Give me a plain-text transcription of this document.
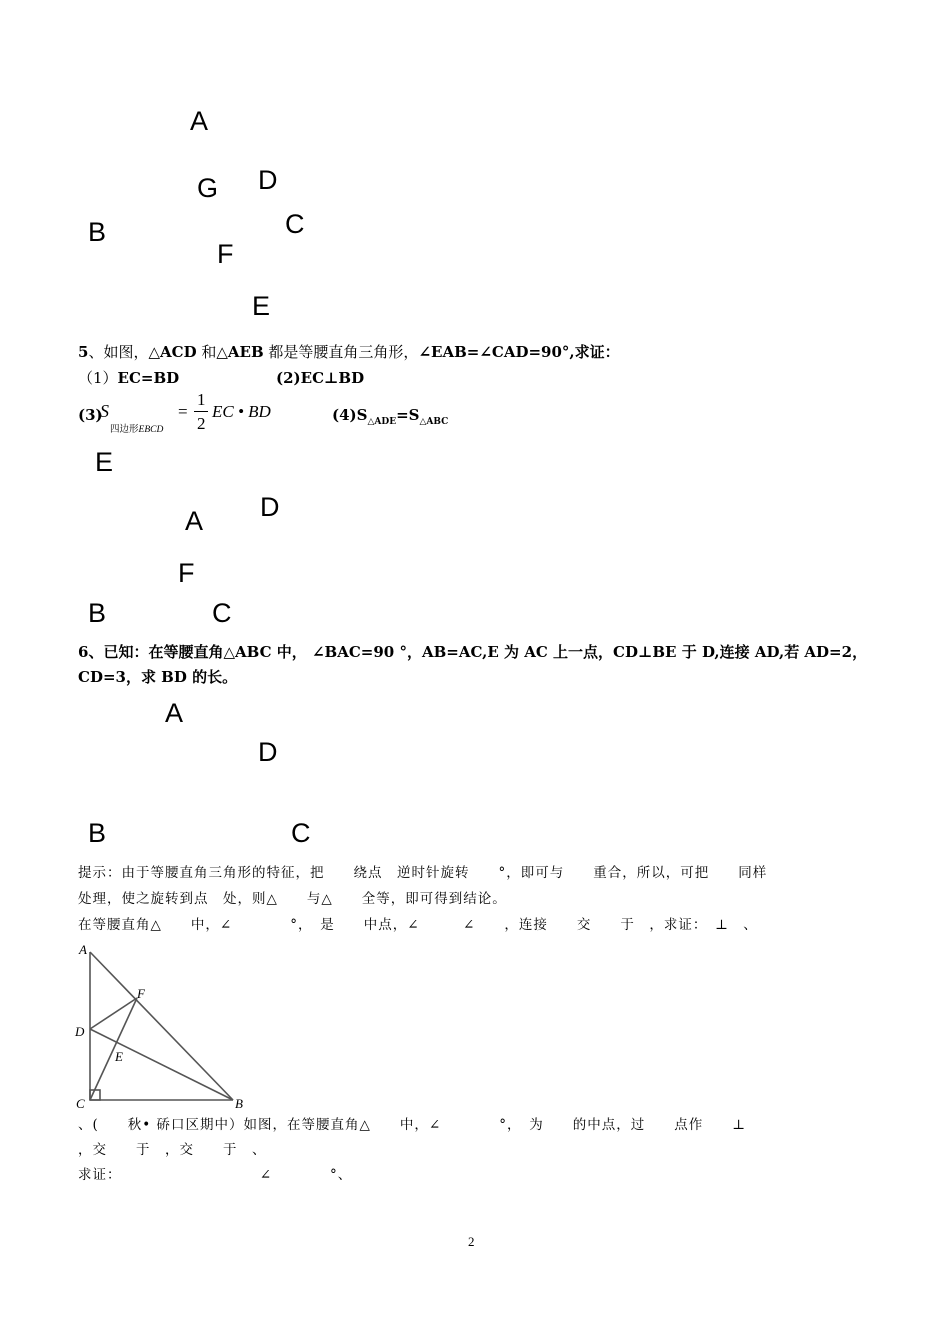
A
G D
C
B
F
E
5、如图，△ACD 和△AEB 都是等腰直角三角形，∠EAB=∠CAD=90°,求证：
（1）EC=BD	(2)EC⊥BD
(3)
S
四边形EBCD
=
1
2
EC • BD	$(4)S_{\triangle ADE}=S_{\triangle ABC}$
E
D
A
F
B	C
6、已知：在等腰直角△ABC 中， ∠BAC=90 °，AB=AC,E 为 AC 上一点，CD⊥BE 于 D,连接 AD,若 AD=2，
CD=3，求 BD 的长。
A
D
B	C
提示：由于等腰直角三角形的特征，把　　绕点　逆时针旋转　　°，即可与　　重合，所以，可把　　同样
处理，使之旋转到点　处，则△　　与△　　全等，即可得到结论。
在等腰直角△　　中，∠　　　　°，　是　　中点，∠　　　∠　　，连接　　交　　于　，求证：　⊥　、
A
F
D
E
C	B
、(　　秋• 硚口区期中）如图，在等腰直角△　　中，∠　　　　°，　为　　的中点，过　　点作　　⊥
，交　　于　，交　　于　、
求证：　　　　　　　　　　∠　　　　°、
2
